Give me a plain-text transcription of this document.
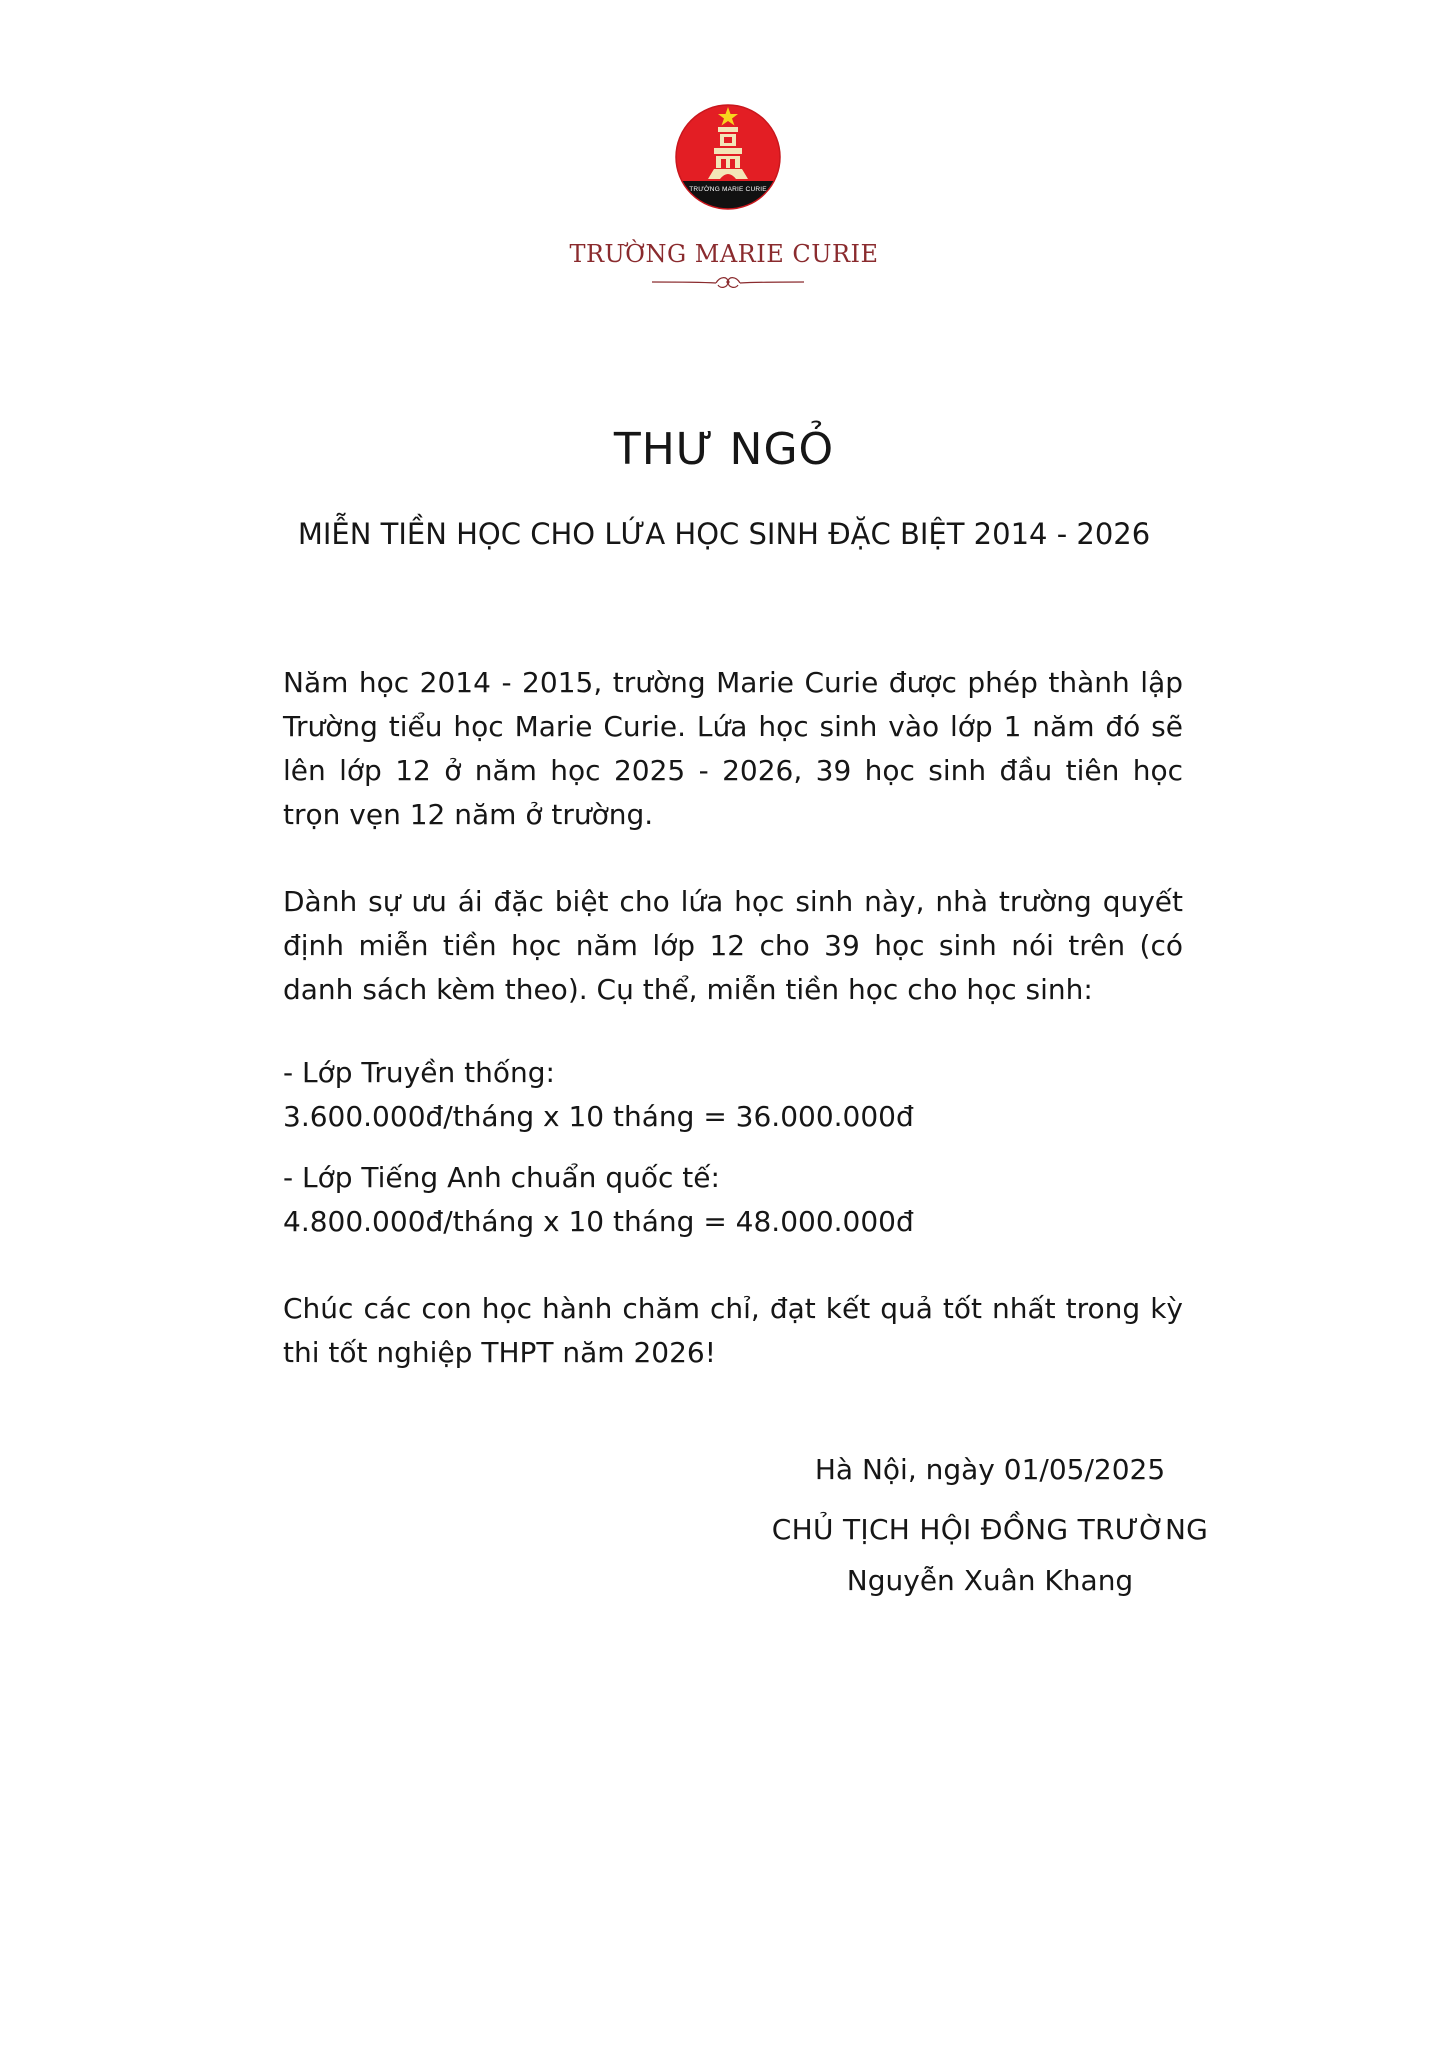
TRƯỜNG MARIE CURIE
TRƯỜNG MARIE CURIE
THƯ NGỎ
MIỄN TIỀN HỌC CHO LỨA HỌC SINH ĐẶC BIỆT 2014 - 2026

Năm học 2014 - 2015, trường Marie Curie được phép thành lập Trường tiểu học Marie Curie. Lứa học sinh vào lớp 1 năm đó sẽ lên lớp 12 ở năm học 2025 - 2026, 39 học sinh đầu tiên học trọn vẹn 12 năm ở trường.

Dành sự ưu ái đặc biệt cho lứa học sinh này, nhà trường quyết định miễn tiền học năm lớp 12 cho 39 học sinh nói trên (có danh sách kèm theo). Cụ thể, miễn tiền học cho học sinh:

- Lớp Truyền thống:
3.600.000đ/tháng x 10 tháng = 36.000.000đ
- Lớp Tiếng Anh chuẩn quốc tế:
4.800.000đ/tháng x 10 tháng = 48.000.000đ

Chúc các con học hành chăm chỉ, đạt kết quả tốt nhất trong kỳ thi tốt nghiệp THPT năm 2026!

Hà Nội, ngày 01/05/2025
CHỦ TỊCH HỘI ĐỒNG TRƯỜNG
Nguyễn Xuân Khang
